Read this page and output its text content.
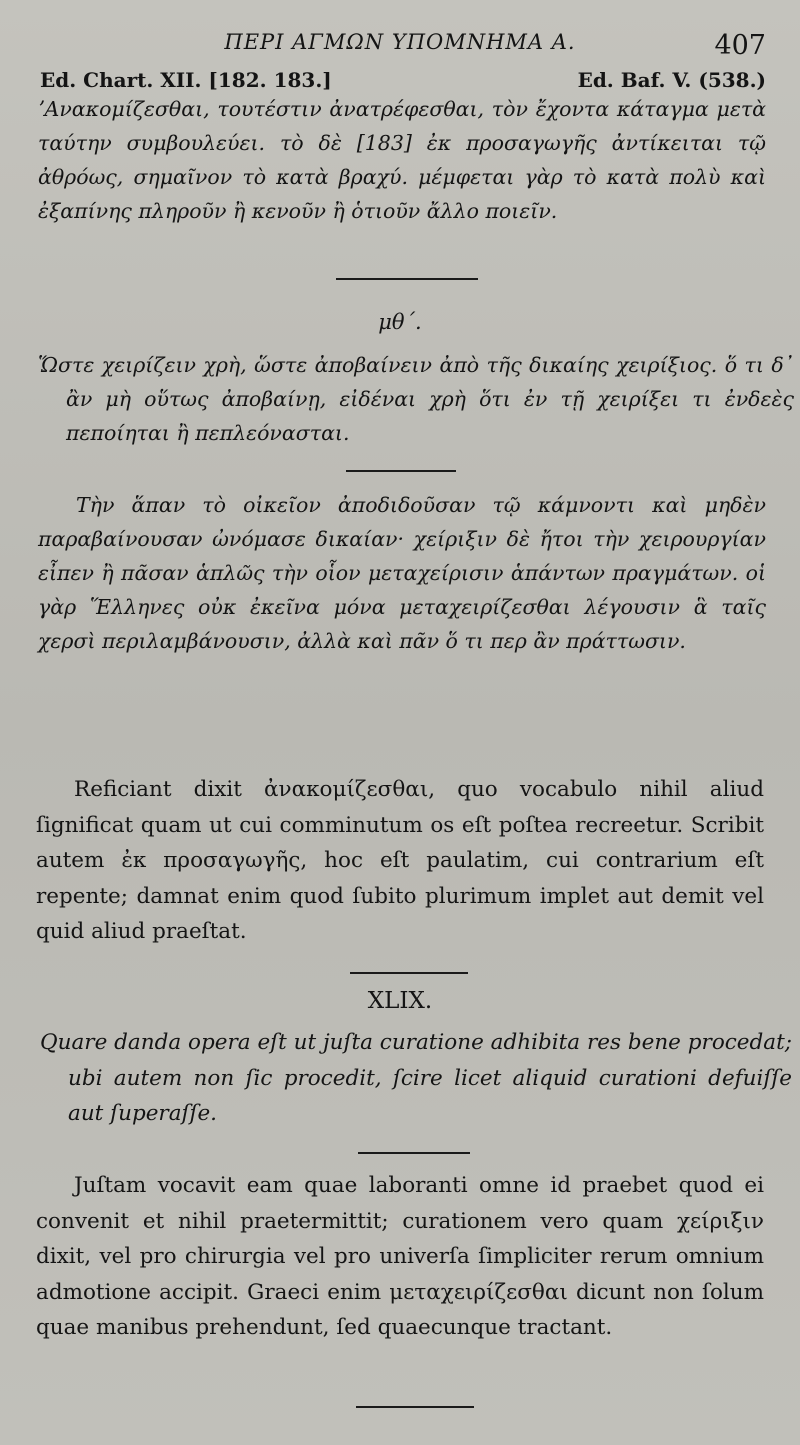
ΠΕΡΙ ΑΓΜΩΝ ΥΠΟΜΝΗΜΑ Α.	407
Ed. Chart. XII. [182. 183.]	Ed. Baf. V. (538.)
ʼΑνακομίζεσθαι, τουτέστιν ἀνατρέφεσθαι, τὸν ἔχοντα κάταγμα μετὰ ταύτην συμβουλεύει. τὸ δὲ [183] ἐκ προσαγωγῆς ἀντίκειται τῷ ἀθρόως, σημαῖνον τὸ κατὰ βραχύ. μέμφεται γὰρ τὸ κατὰ πολὺ καὶ ἐξαπίνης πληροῦν ἢ κενοῦν ἢ ὁτιοῦν ἄλλο ποιεῖν.
μθ΄.
Ὥστε χειρίζειν χρὴ, ὥστε ἀποβαίνειν ἀπὸ τῆς δικαίης χειρίξιος. ὅ τι δ᾽ ἂν μὴ οὕτως ἀποβαίνῃ, εἰδέναι χρὴ ὅτι ἐν τῇ χειρίξει τι ἐνδεὲς πεποίηται ἢ πεπλεόνασται.
Τὴν ἅπαν τὸ οἰκεῖον ἀποδιδοῦσαν τῷ κάμνοντι καὶ μηδὲν παραβαίνουσαν ὠνόμασε δικαίαν· χείριξιν δὲ ἤτοι τὴν χειρουργίαν εἶπεν ἢ πᾶσαν ἁπλῶς τὴν οἷον μεταχείρισιν ἁπάντων πραγμάτων. οἱ γὰρ Ἕλληνες οὐκ ἐκεῖνα μόνα μεταχειρίζεσθαι λέγουσιν ἃ ταῖς χερσὶ περιλαμβάνουσιν, ἀλλὰ καὶ πᾶν ὅ τι περ ἂν πράττωσιν.
Reficiant dixit ἀνακομίζεσθαι, quo vocabulo nihil aliud ſignificat quam ut cui comminutum os eſt poſtea recreetur. Scribit autem ἐκ προσαγωγῆς, hoc eſt paulatim, cui contrarium eſt repente; damnat enim quod ſubito plurimum implet aut demit vel quid aliud praeſtat.
XLIX.
Quare danda opera eſt ut juſta curatione adhibita res bene procedat; ubi autem non ſic procedit, ſcire licet aliquid curationi defuiſſe aut ſuperaſſe.
Juſtam vocavit eam quae laboranti omne id praebet quod ei convenit et nihil praetermittit; curationem vero quam χείριξιν dixit, vel pro chirurgia vel pro univerſa ſimpliciter rerum omnium admotione accipit. Graeci enim μεταχειρίζεσθαι dicunt non ſolum quae manibus prehendunt, ſed quaecunque tractant.
